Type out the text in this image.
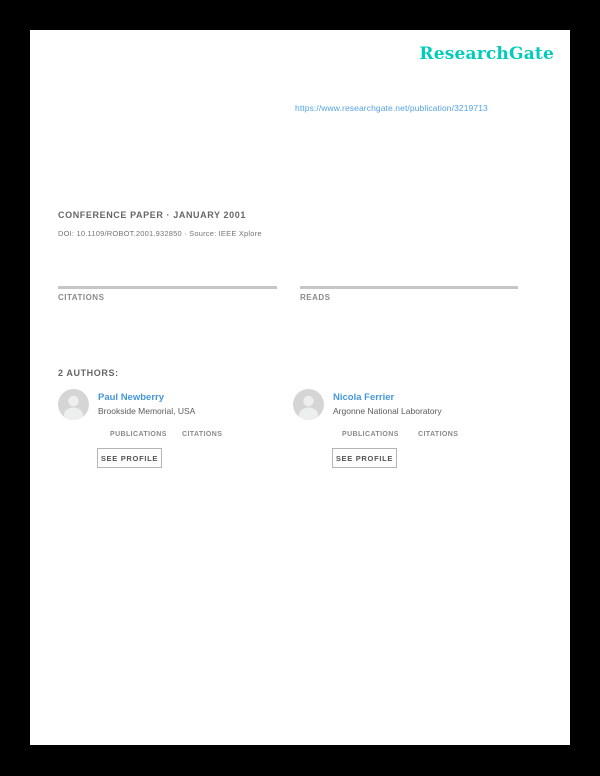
ResearchGate
https://www.researchgate.net/publication/3219713
CONFERENCE PAPER · JANUARY 2001
DOI: 10.1109/ROBOT.2001.932850 · Source: IEEE Xplore
CITATIONS	READS
2 AUTHORS:
Paul Newberry
Brookside Memorial, USA
PUBLICATIONS CITATIONS
SEE PROFILE
Nicola Ferrier
Argonne National Laboratory
PUBLICATIONS	CITATIONS
SEE PROFILE
